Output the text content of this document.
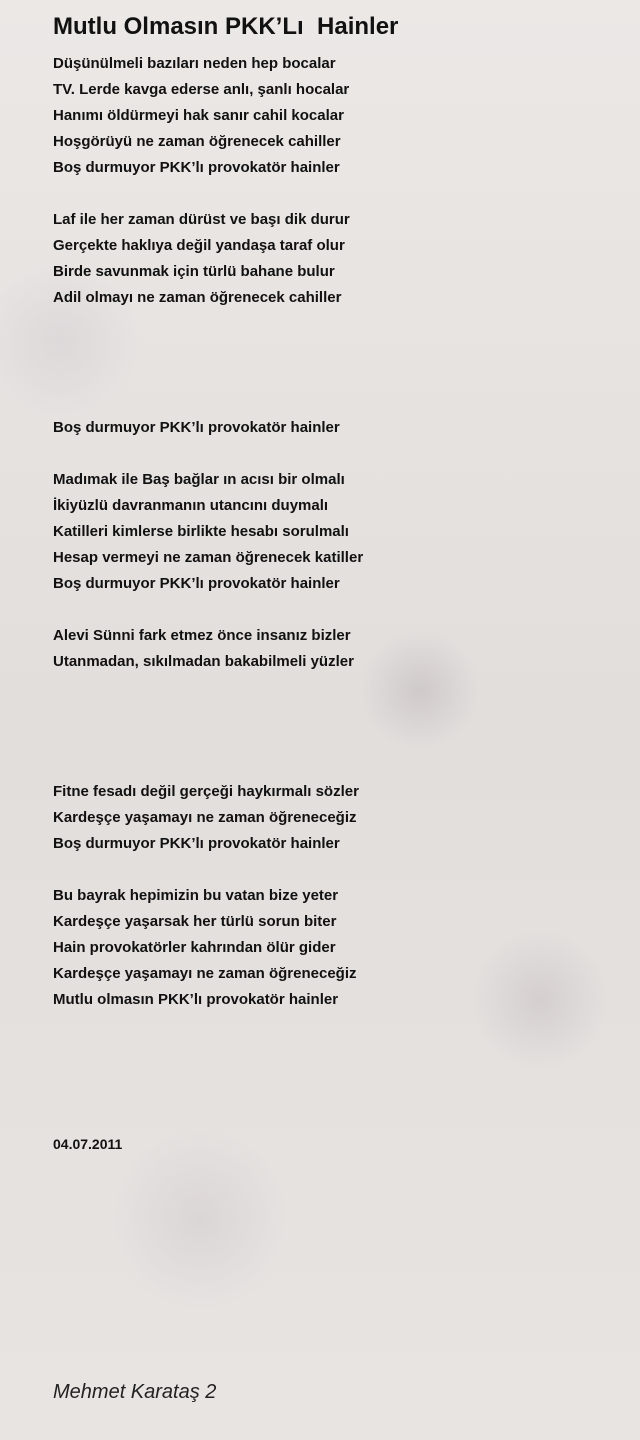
Mutlu Olmasın PKK’Lı  Hainler
Düşünülmeli bazıları neden hep bocalar
TV. Lerde kavga ederse anlı, şanlı hocalar
Hanımı öldürmeyi hak sanır cahil kocalar
Hoşgörüyü ne zaman öğrenecek cahiller
Boş durmuyor PKK’lı provokatör hainler
Laf ile her zaman dürüst ve başı dik durur
Gerçekte haklıya değil yandaşa taraf olur
Birde savunmak için türlü bahane bulur
Adil olmayı ne zaman öğrenecek cahiller
Boş durmuyor PKK’lı provokatör hainler
Madımak ile Baş bağlar ın acısı bir olmalı
İkiyüzlü davranmanın utancını duymalı
Katilleri kimlerse birlikte hesabı sorulmalı
Hesap vermeyi ne zaman öğrenecek katiller
Boş durmuyor PKK’lı provokatör hainler
Alevi Sünni fark etmez önce insanız bizler
Utanmadan, sıkılmadan bakabilmeli yüzler
Fitne fesadı değil gerçeği haykırmalı sözler
Kardeşçe yaşamayı ne zaman öğreneceğiz
Boş durmuyor PKK’lı provokatör hainler
Bu bayrak hepimizin bu vatan bize yeter
Kardeşçe yaşarsak her türlü sorun biter
Hain provokatörler kahrından ölür gider
Kardeşçe yaşamayı ne zaman öğreneceğiz
Mutlu olmasın PKK’lı provokatör hainler
04.07.2011
Mehmet Karataş 2
